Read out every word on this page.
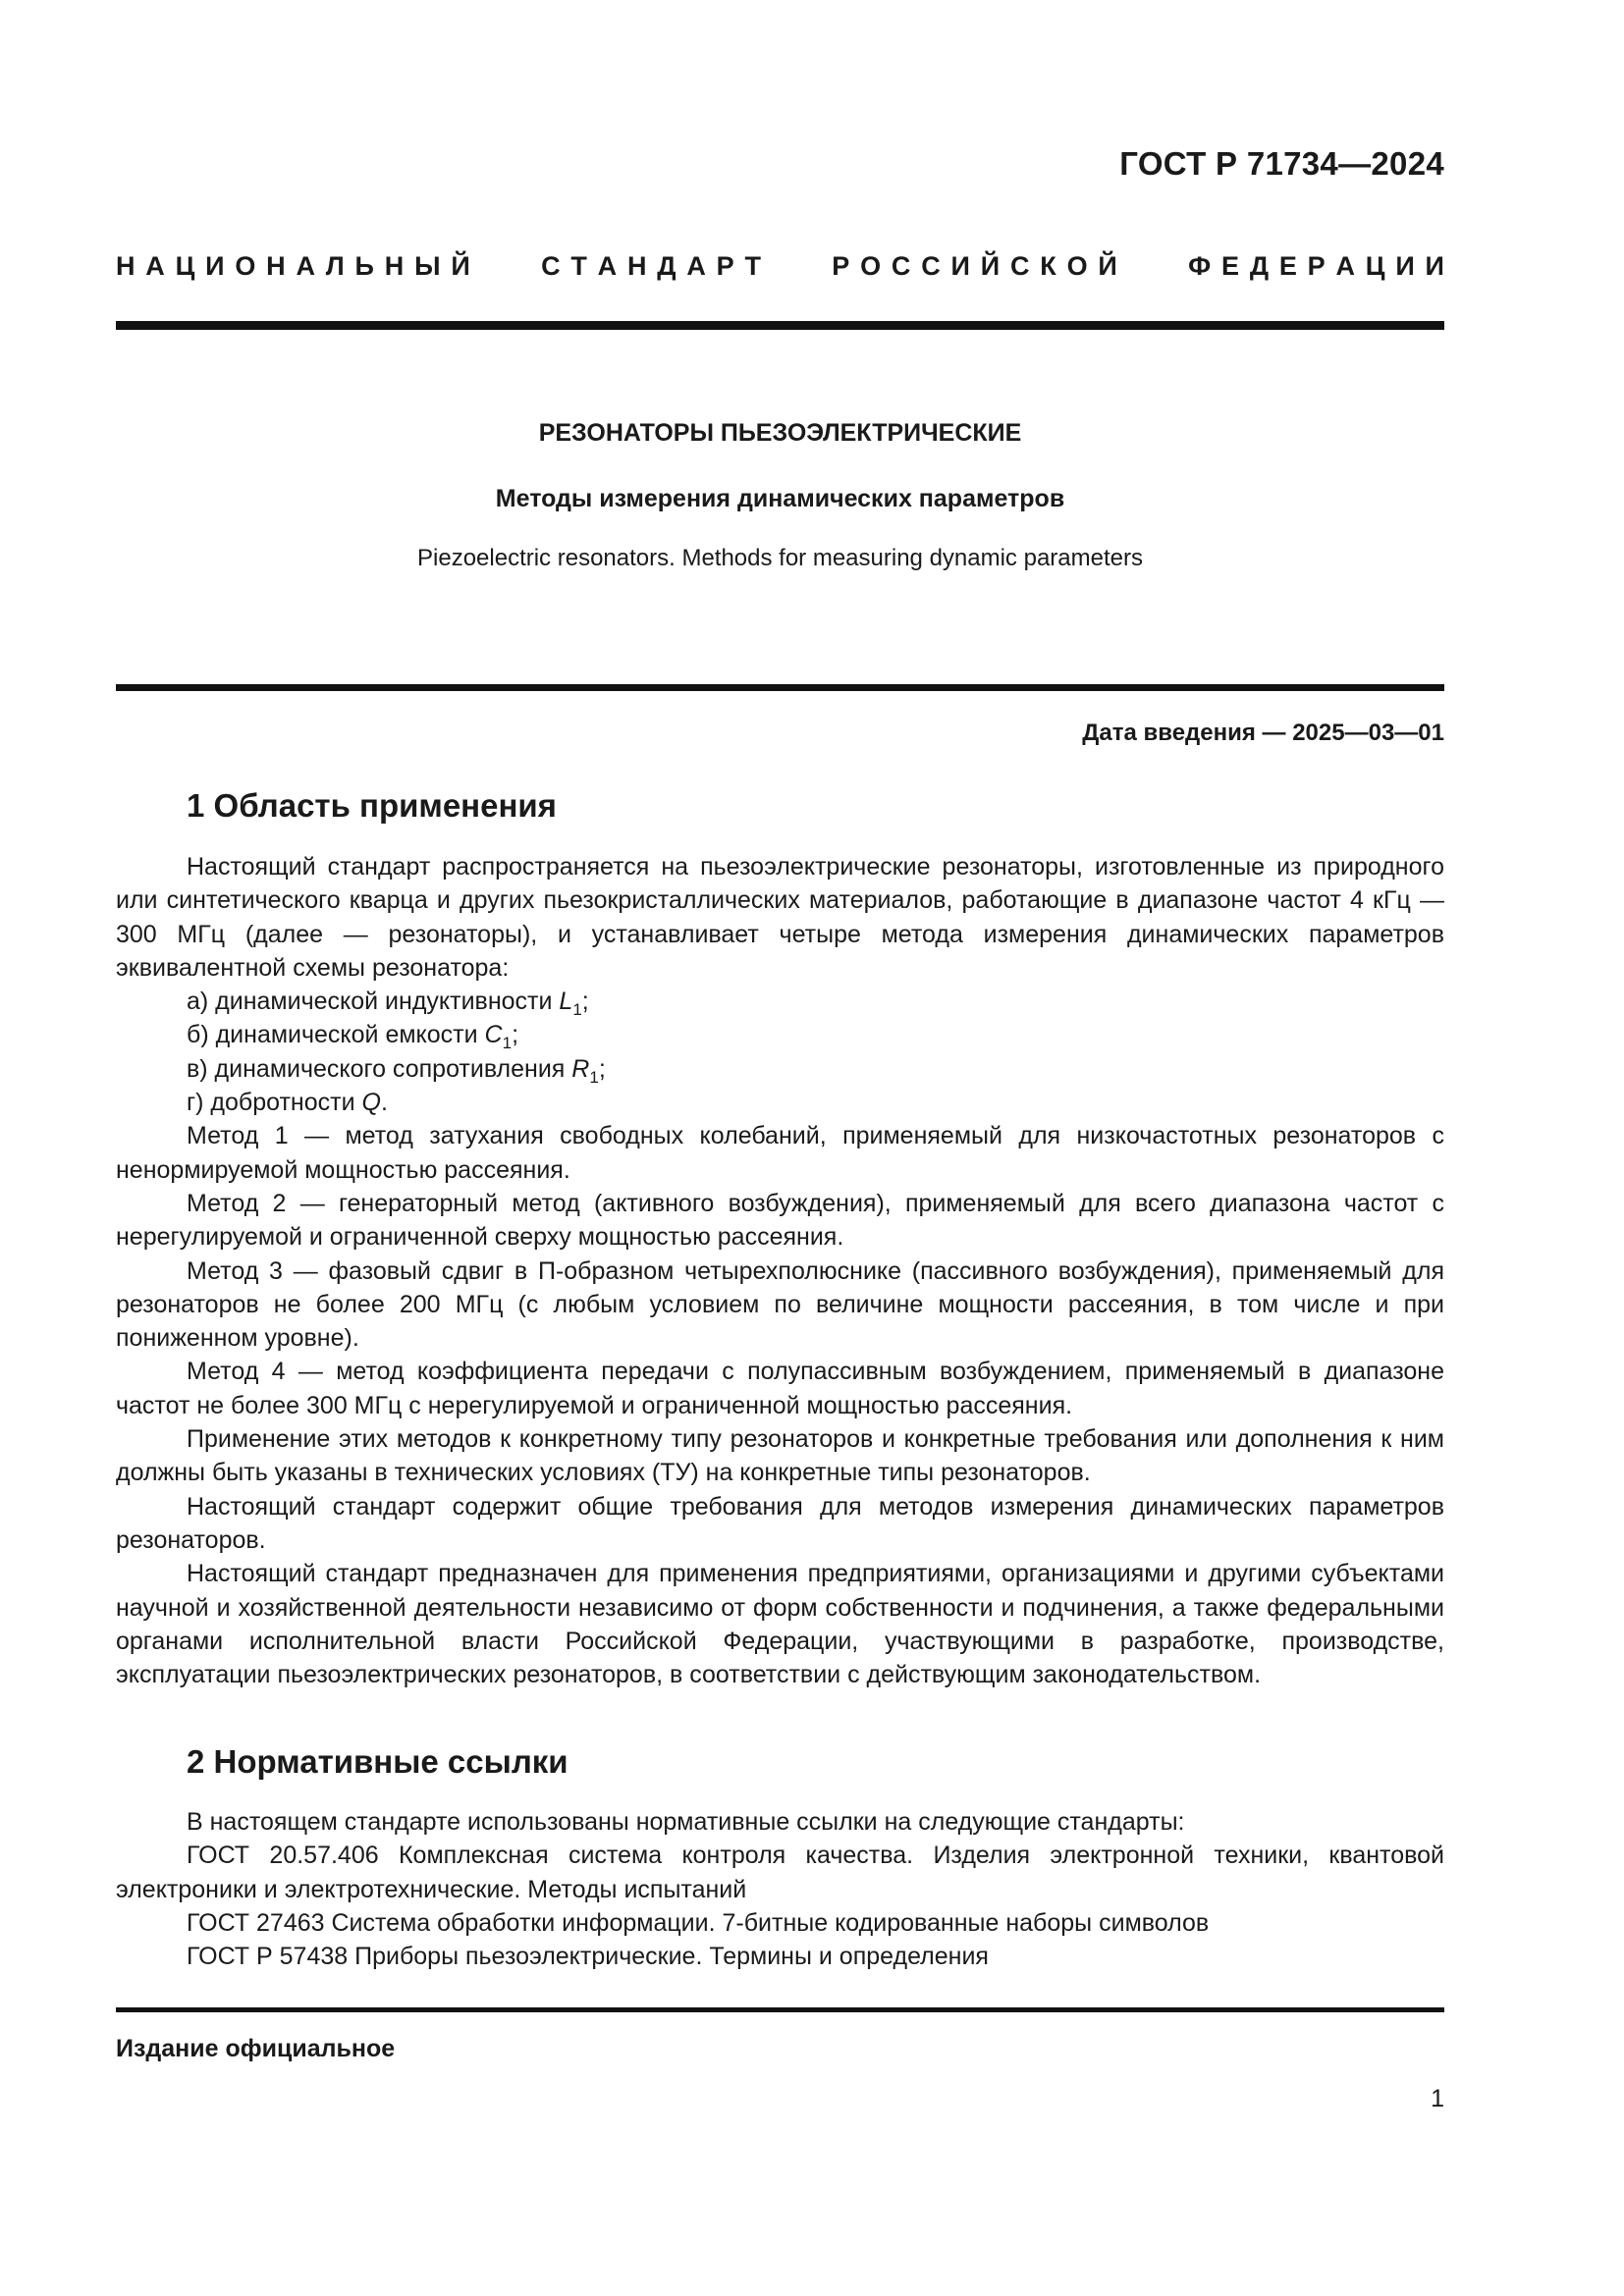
ГОСТ Р 71734—2024
Н  А  Ц  И  О  Н  А  Л  Ь  Н  Ы  Й	С  Т  А  Н  Д  А  Р  Т	Р  О  С  С  И  Й  С  К  О  Й	Ф  Е  Д  Е  Р  А  Ц  И  И
РЕЗОНАТОРЫ ПЬЕЗОЭЛЕКТРИЧЕСКИЕ
Методы измерения динамических параметров
Piezoelectric resonators. Methods for measuring dynamic parameters
Дата введения — 2025—03—01
1 Область применения

Настоящий стандарт распространяется на пьезоэлектрические резонаторы, изготовленные из природного или синтетического кварца и других пьезокристаллических материалов, работающие в диапазоне частот 4 кГц — 300 МГц (далее — резонаторы), и устанавливает четыре метода измерения динамических параметров эквивалентной схемы резонатора:

а) динамической индуктивности $L_1$;

б) динамической емкости $C_1$;

в) динамического сопротивления $R_1$;

г) добротности Q.

Метод 1 — метод затухания свободных колебаний, применяемый для низкочастотных резонаторов с ненормируемой мощностью рассеяния.

Метод 2 — генераторный метод (активного возбуждения), применяемый для всего диапазона частот с нерегулируемой и ограниченной сверху мощностью рассеяния.

Метод 3 — фазовый сдвиг в П-образном четырехполюснике (пассивного возбуждения), применяемый для резонаторов не более 200 МГц (с любым условием по величине мощности рассеяния, в том числе и при пониженном уровне).

Метод 4 — метод коэффициента передачи с полупассивным возбуждением, применяемый в диапазоне частот не более 300 МГц с нерегулируемой и ограниченной мощностью рассеяния.

Применение этих методов к конкретному типу резонаторов и конкретные требования или дополнения к ним должны быть указаны в технических условиях (ТУ) на конкретные типы резонаторов.

Настоящий стандарт содержит общие требования для методов измерения динамических параметров резонаторов.

Настоящий стандарт предназначен для применения предприятиями, организациями и другими субъектами научной и хозяйственной деятельности независимо от форм собственности и подчинения, а также федеральными органами исполнительной власти Российской Федерации, участвующими в разработке, производстве, эксплуатации пьезоэлектрических резонаторов, в соответствии с действующим законодательством.

2 Нормативные ссылки

В настоящем стандарте использованы нормативные ссылки на следующие стандарты:

ГОСТ 20.57.406 Комплексная система контроля качества. Изделия электронной техники, квантовой электроники и электротехнические. Методы испытаний

ГОСТ 27463 Система обработки информации. 7-битные кодированные наборы символов

ГОСТ Р 57438 Приборы пьезоэлектрические. Термины и определения

Издание официальное
1
